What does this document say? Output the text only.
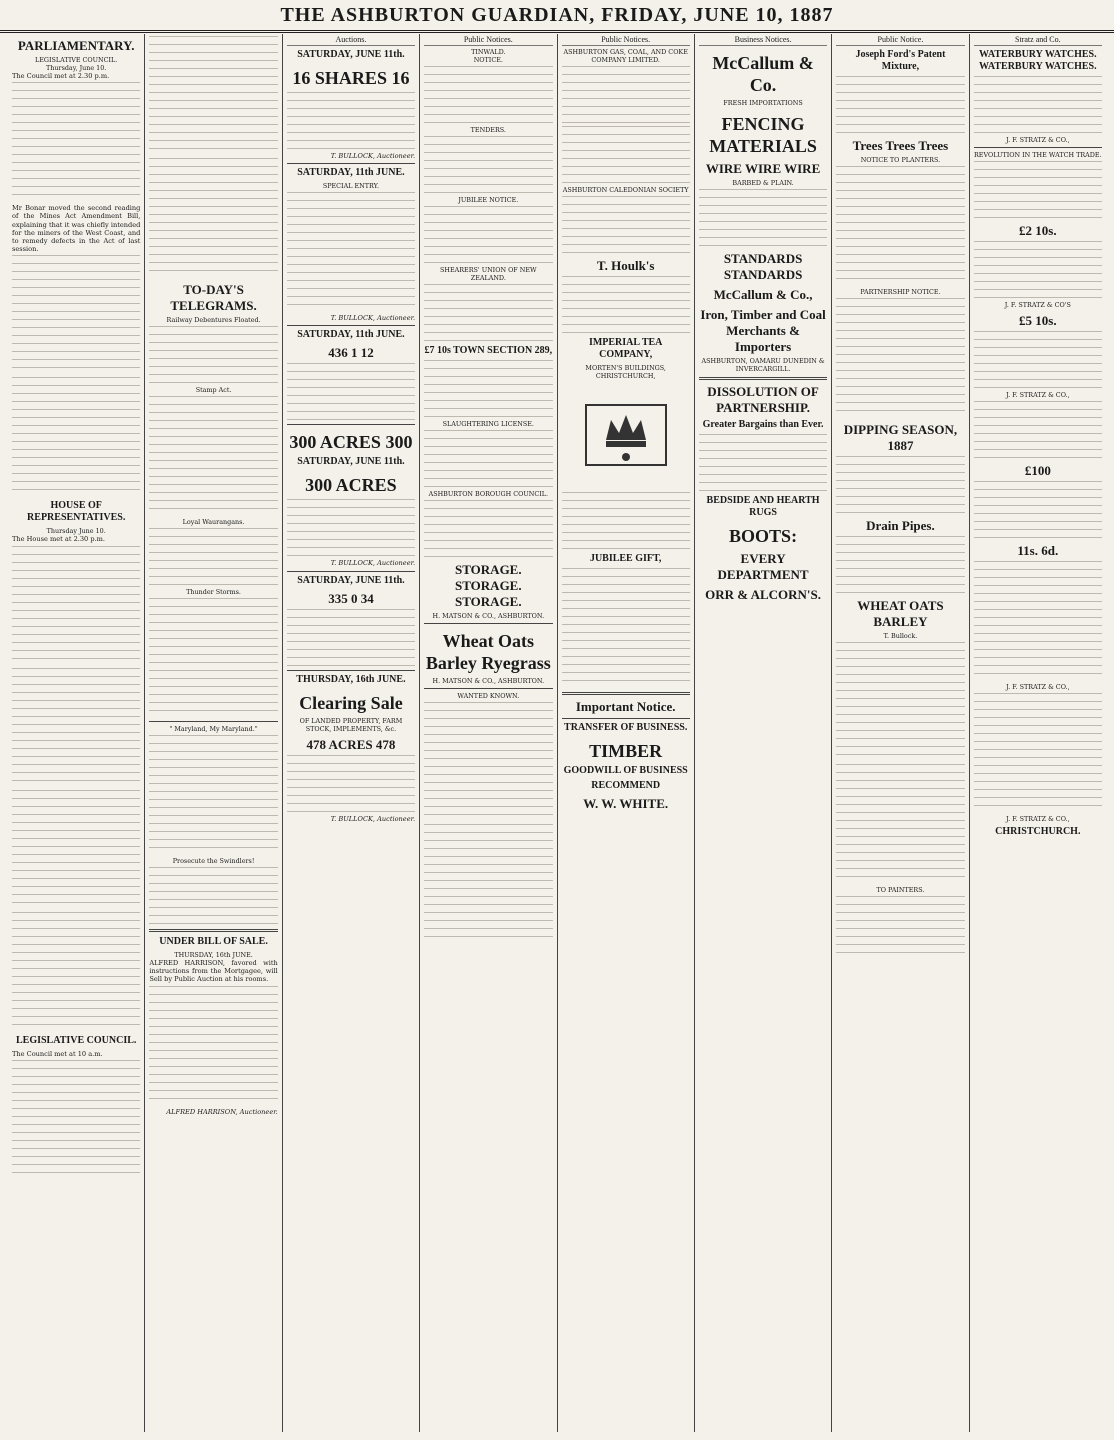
THE ASHBURTON GUARDIAN, FRIDAY, JUNE 10, 1887
PARLIAMENTARY.
LEGISLATIVE COUNCIL.
Thursday, June 10.

The Council met at 2.30 p.m.

Mr Bonar moved the second reading of the Mines Act Amendment Bill, explaining that it was chiefly intended for the miners of the West Coast, and to remedy defects in the Act of last session.

HOUSE OF REPRESENTATIVES.
Thursday June 10.

The House met at 2.30 p.m.

LEGISLATIVE COUNCIL.

The Council met at 10 a.m.

TO-DAY'S TELEGRAMS.
Railway Debentures Floated.
Stamp Act.
Loyal Waurangans.
Thunder Storms.
" Maryland, My Maryland."
Prosecute the Swindlers!
UNDER BILL OF SALE.
THURSDAY, 16th JUNE.

ALFRED HARRISON, favored with instructions from the Mortgagee, will Sell by Public Auction at his rooms.

ALFRED HARRISON, Auctioneer.
Auctions.
SATURDAY, JUNE 11th.
16 SHARES 16
T. BULLOCK, Auctioneer.
SATURDAY, 11th JUNE.
SPECIAL ENTRY.
T. BULLOCK, Auctioneer.
SATURDAY, 11th JUNE.
436 1 12
300 ACRES 300
SATURDAY, JUNE 11th.
300 ACRES
T. BULLOCK, Auctioneer.
SATURDAY, JUNE 11th.
335 0 34
THURSDAY, 16th JUNE.
Clearing Sale
OF LANDED PROPERTY, FARM STOCK, IMPLEMENTS, &c.
478 ACRES 478
T. BULLOCK, Auctioneer.
Public Notices.
TINWALD.
NOTICE.
TENDERS.
JUBILEE NOTICE.
SHEARERS' UNION OF NEW ZEALAND.
£7 10s TOWN SECTION 289,
SLAUGHTERING LICENSE.
ASHBURTON BOROUGH COUNCIL.
STORAGE. STORAGE. STORAGE.
H. MATSON & CO., ASHBURTON.
Wheat Oats Barley Ryegrass
H. MATSON & CO., ASHBURTON.
WANTED KNOWN.
Public Notices.
ASHBURTON GAS, COAL, AND COKE COMPANY LIMITED.
ASHBURTON CALEDONIAN SOCIETY
T. Houlk's
IMPERIAL TEA COMPANY,
MORTEN'S BUILDINGS, CHRISTCHURCH,
JUBILEE GIFT,
Important Notice.
TRANSFER OF BUSINESS.
TIMBER
GOODWILL OF BUSINESS
RECOMMEND
W. W. WHITE.
Business Notices.
McCallum & Co.
FRESH IMPORTATIONS
FENCING MATERIALS
WIRE WIRE WIRE
BARBED & PLAIN.
STANDARDS STANDARDS
McCallum & Co.,
Iron, Timber and Coal Merchants & Importers
ASHBURTON, OAMARU DUNEDIN & INVERCARGILL.
DISSOLUTION OF PARTNERSHIP.
Greater Bargains than Ever.
BEDSIDE AND HEARTH RUGS
BOOTS:
EVERY DEPARTMENT
ORR & ALCORN'S.
Public Notice.
Joseph Ford's Patent Mixture,
Trees Trees Trees
NOTICE TO PLANTERS.
PARTNERSHIP NOTICE.
DIPPING SEASON, 1887
Drain Pipes.
WHEAT OATS BARLEY
T. Bullock.
TO PAINTERS.
Stratz and Co.
WATERBURY WATCHES. WATERBURY WATCHES.
J. F. STRATZ & CO.,
REVOLUTION IN THE WATCH TRADE.
£2 10s.
J. F. STRATZ & CO'S
£5 10s.
J. F. STRATZ & CO.,
£100
11s. 6d.
J. F. STRATZ & CO.,
J. F. STRATZ & CO.,
CHRISTCHURCH.
